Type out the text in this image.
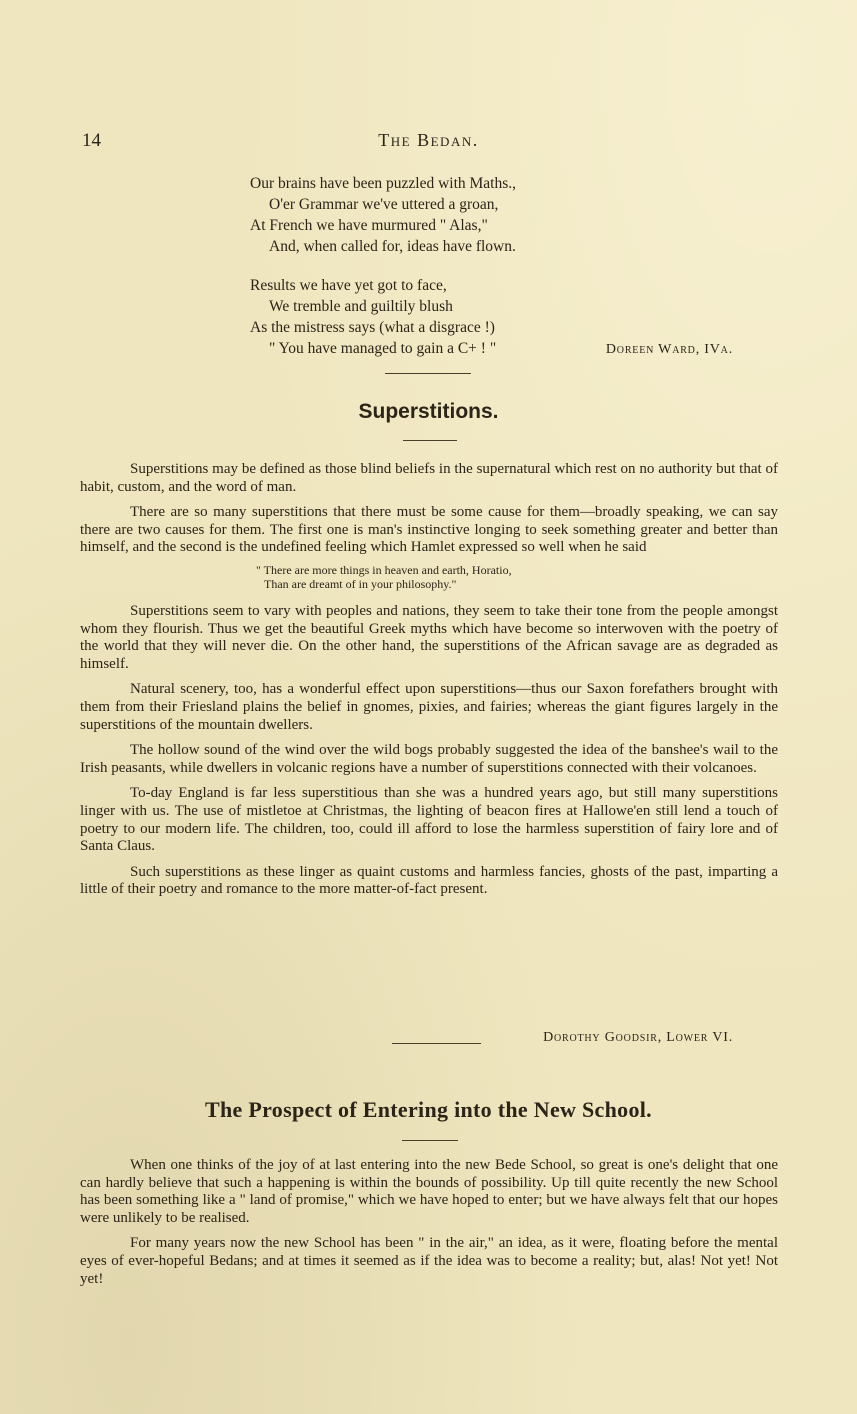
14	The Bedan.
Our brains have been puzzled with Maths.,
O'er Grammar we've uttered a groan,
At French we have murmured " Alas,"
And, when called for, ideas have flown.
Results we have yet got to face,
We tremble and guiltily blush
As the mistress says (what a disgrace !)
" You have managed to gain a C+ ! "	Doreen Ward, IVa.
Superstitions.

Superstitions may be defined as those blind beliefs in the supernatural which rest on no authority but that of habit, custom, and the word of man.

There are so many superstitions that there must be some cause for them—broadly speaking, we can say there are two causes for them. The first one is man's instinctive longing to seek something greater and better than himself, and the second is the undefined feeling which Hamlet expressed so well when he said

" There are more things in heaven and earth, Horatio,
Than are dreamt of in your philosophy."

Superstitions seem to vary with peoples and nations, they seem to take their tone from the people amongst whom they flourish. Thus we get the beautiful Greek myths which have become so interwoven with the poetry of the world that they will never die. On the other hand, the superstitions of the African savage are as degraded as himself.

Natural scenery, too, has a wonderful effect upon superstitions—thus our Saxon forefathers brought with them from their Friesland plains the belief in gnomes, pixies, and fairies; whereas the giant figures largely in the superstitions of the mountain dwellers.

The hollow sound of the wind over the wild bogs probably suggested the idea of the banshee's wail to the Irish peasants, while dwellers in volcanic regions have a number of superstitions connected with their volcanoes.

To-day England is far less superstitious than she was a hundred years ago, but still many superstitions linger with us. The use of mistletoe at Christmas, the lighting of beacon fires at Hallowe'en still lend a touch of poetry to our modern life. The children, too, could ill afford to lose the harmless superstition of fairy lore and of Santa Claus.

Such superstitions as these linger as quaint customs and harmless fancies, ghosts of the past, imparting a little of their poetry and romance to the more matter-of-fact present.

Dorothy Goodsir, Lower VI.
The Prospect of Entering into the New School.

When one thinks of the joy of at last entering into the new Bede School, so great is one's delight that one can hardly believe that such a happening is within the bounds of possibility. Up till quite recently the new School has been something like a " land of promise," which we have hoped to enter; but we have always felt that our hopes were unlikely to be realised.

For many years now the new School has been " in the air," an idea, as it were, floating before the mental eyes of ever-hopeful Bedans; and at times it seemed as if the idea was to become a reality; but, alas! Not yet! Not yet!
